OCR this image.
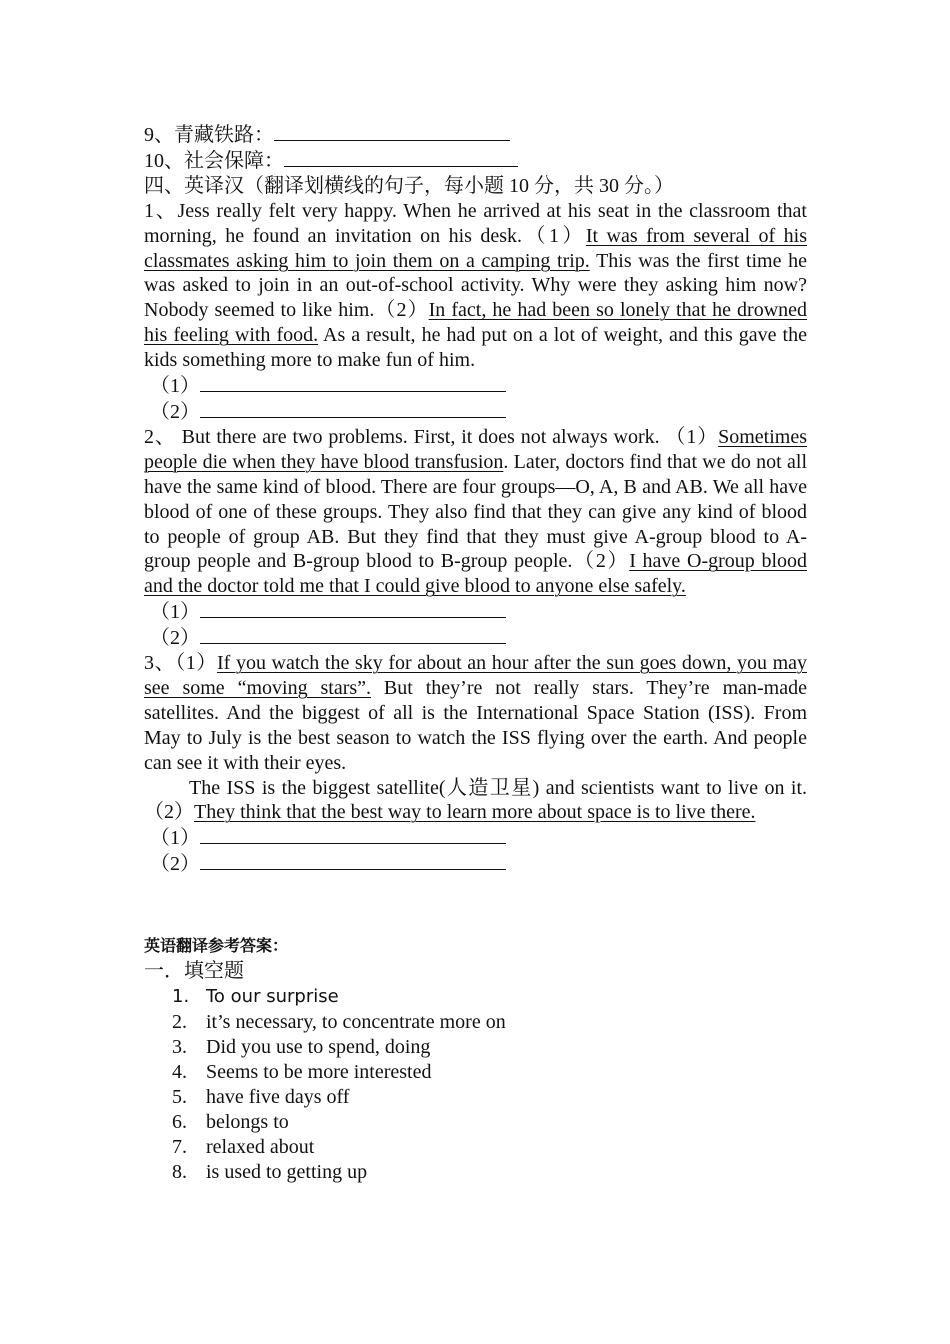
9、青藏铁路：
10、社会保障：
四、英译汉（翻译划横线的句子，每小题 10 分，共 30 分。）
1、Jess really felt very happy. When he arrived at his seat in the classroom that morning, he found an invitation on his desk.（1）It was from several of his classmates asking him to join them on a camping trip. This was the first time he was asked to join in an out-of-school activity. Why were they asking him now? Nobody seemed to like him.（2）In fact, he had been so lonely that he drowned his feeling with food. As a result, he had put on a lot of weight, and this gave the kids something more to make fun of him.
（1）
（2）
2、 But there are two problems. First, it does not always work. （1）Sometimes people die when they have blood transfusion. Later, doctors find that we do not all have the same kind of blood. There are four groups—O, A, B and AB. We all have blood of one of these groups. They also find that they can give any kind of blood to people of group AB. But they find that they must give A-group blood to A-group people and B-group blood to B-group people.（2）I have O-group blood and the doctor told me that I could give blood to anyone else safely.
（1）
（2）
3、（1）If you watch the sky for about an hour after the sun goes down, you may see some “moving stars”. But they’re not really stars. They’re man-made satellites. And the biggest of all is the International Space Station (ISS). From May to July is the best season to watch the ISS flying over the earth. And people can see it with their eyes.
The ISS is the biggest satellite(人造卫星) and scientists want to live on it.（2）They think that the best way to learn more about space is to live there.
（1）
（2）
英语翻译参考答案：
一．填空题
1. To our surprise
2. it’s necessary, to concentrate more on
3. Did you use to spend, doing
4. Seems to be more interested
5. have five days off
6. belongs to
7. relaxed about
8. is used to getting up
